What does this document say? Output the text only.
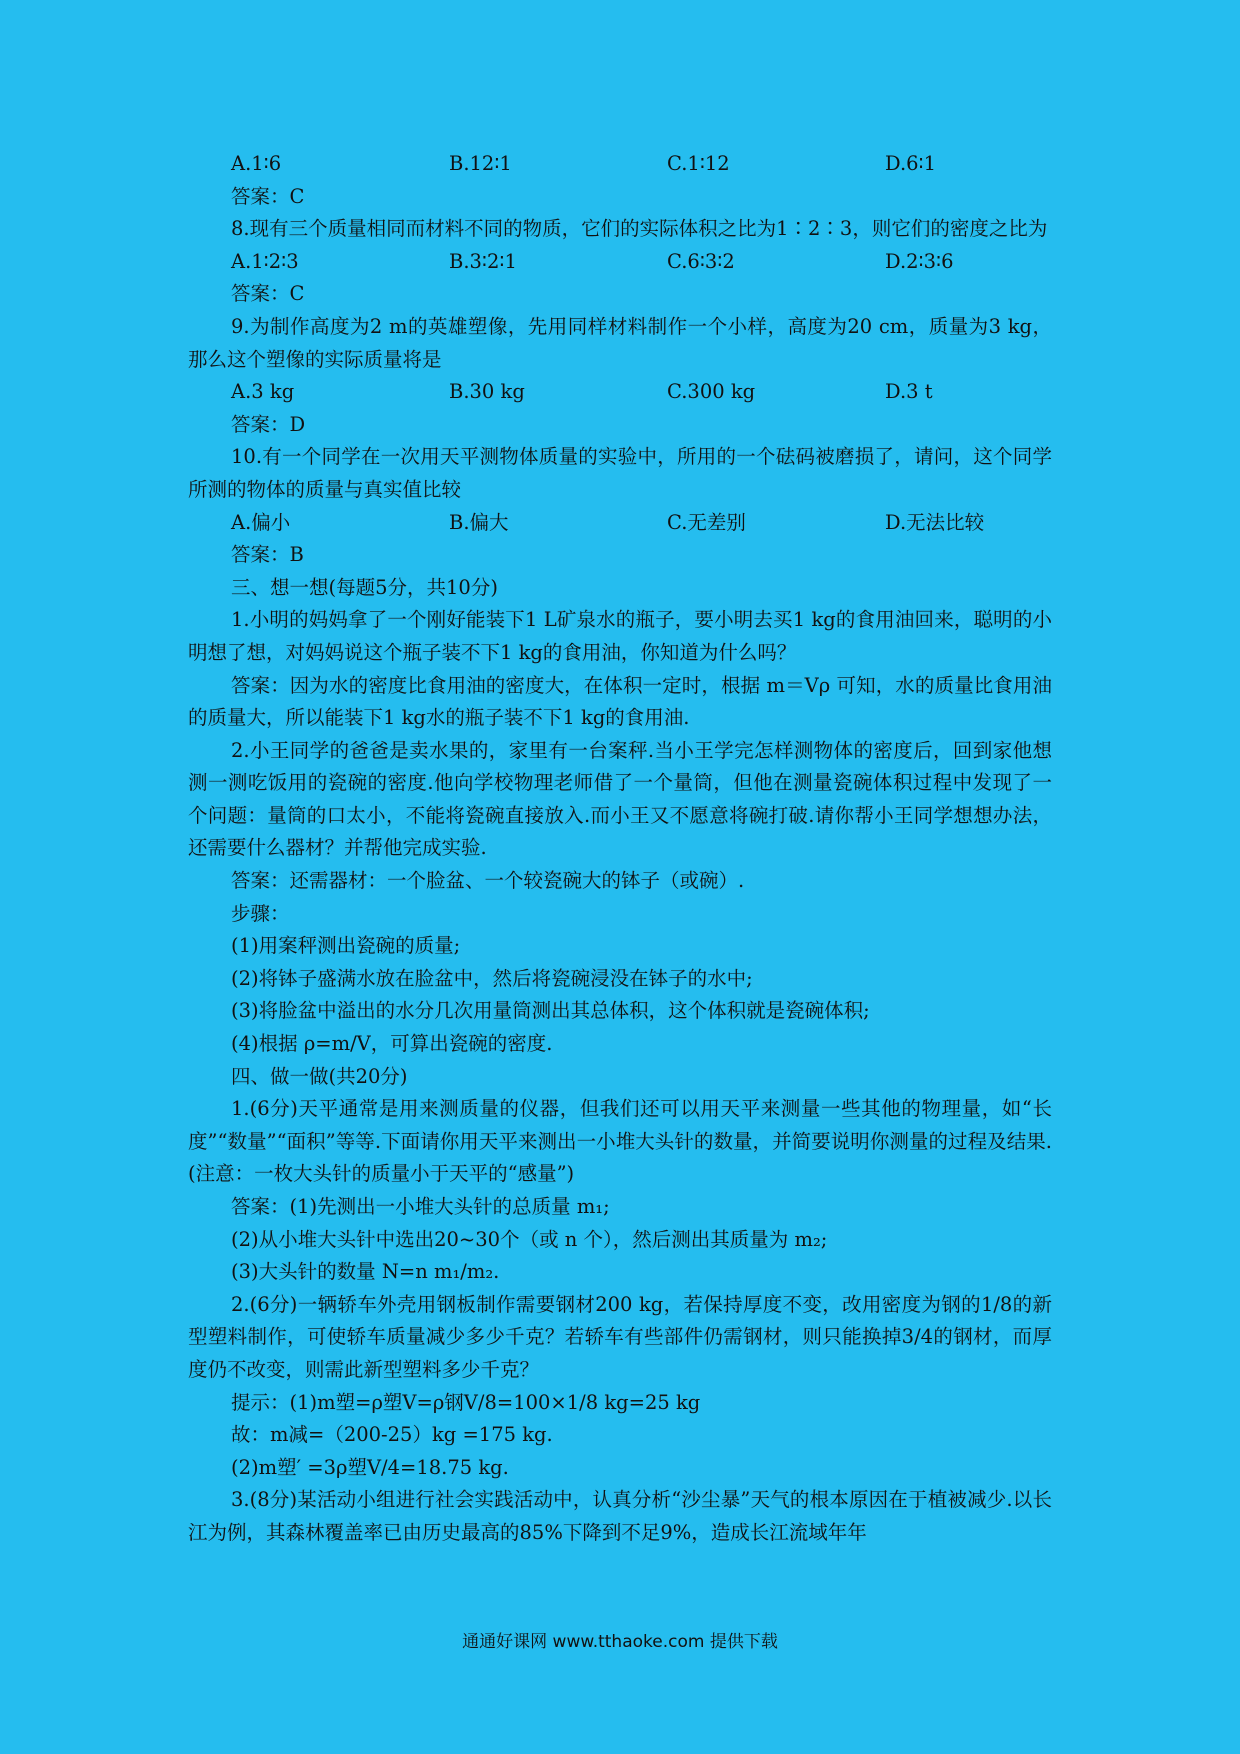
A.1∶6	B.12∶1	C.1∶12	D.6∶1
答案：C
8.现有三个质量相同而材料不同的物质，它们的实际体积之比为1∶2∶3，则它们的密度之比为
A.1∶2∶3	B.3∶2∶1	C.6∶3∶2	D.2∶3∶6
答案：C
9.为制作高度为2 m的英雄塑像，先用同样材料制作一个小样，高度为20 cm，质量为3 kg，那么这个塑像的实际质量将是
A.3 kg	B.30 kg	C.300 kg	D.3 t
答案：D
10.有一个同学在一次用天平测物体质量的实验中，所用的一个砝码被磨损了，请问，这个同学所测的物体的质量与真实值比较
A.偏小	B.偏大	C.无差别	D.无法比较
答案：B
三、想一想(每题5分，共10分)
1.小明的妈妈拿了一个刚好能装下1 L矿泉水的瓶子，要小明去买1 kg的食用油回来，聪明的小明想了想，对妈妈说这个瓶子装不下1 kg的食用油，你知道为什么吗？
答案：因为水的密度比食用油的密度大，在体积一定时，根据 m＝Vρ 可知，水的质量比食用油的质量大，所以能装下1 kg水的瓶子装不下1 kg的食用油.
2.小王同学的爸爸是卖水果的，家里有一台案秤.当小王学完怎样测物体的密度后，回到家他想测一测吃饭用的瓷碗的密度.他向学校物理老师借了一个量筒，但他在测量瓷碗体积过程中发现了一个问题：量筒的口太小，不能将瓷碗直接放入.而小王又不愿意将碗打破.请你帮小王同学想想办法，还需要什么器材？并帮他完成实验.
答案：还需器材：一个脸盆、一个较瓷碗大的钵子（或碗）.
步骤：
(1)用案秤测出瓷碗的质量;
(2)将钵子盛满水放在脸盆中，然后将瓷碗浸没在钵子的水中;
(3)将脸盆中溢出的水分几次用量筒测出其总体积，这个体积就是瓷碗体积;
(4)根据 ρ=m/V，可算出瓷碗的密度.
四、做一做(共20分)
1.(6分)天平通常是用来测质量的仪器，但我们还可以用天平来测量一些其他的物理量，如“长度”“数量”“面积”等等.下面请你用天平来测出一小堆大头针的数量，并简要说明你测量的过程及结果.(注意：一枚大头针的质量小于天平的“感量”)
答案：(1)先测出一小堆大头针的总质量 m₁;
(2)从小堆大头针中选出20~30个（或 n 个），然后测出其质量为 m₂;
(3)大头针的数量 N=n m₁/m₂.
2.(6分)一辆轿车外壳用钢板制作需要钢材200 kg，若保持厚度不变，改用密度为钢的1/8的新型塑料制作，可使轿车质量减少多少千克？若轿车有些部件仍需钢材，则只能换掉3/4的钢材，而厚度仍不改变，则需此新型塑料多少千克？
提示：(1)m塑=ρ塑V=ρ钢V/8=100×1/8 kg=25 kg
故：m减=（200-25）kg =175 kg.
(2)m塑′ =3ρ塑V/4=18.75 kg.
3.(8分)某活动小组进行社会实践活动中，认真分析“沙尘暴”天气的根本原因在于植被减少.以长江为例，其森林覆盖率已由历史最高的85%下降到不足9%，造成长江流域年年
通通好课网 www.tthaoke.com 提供下载
